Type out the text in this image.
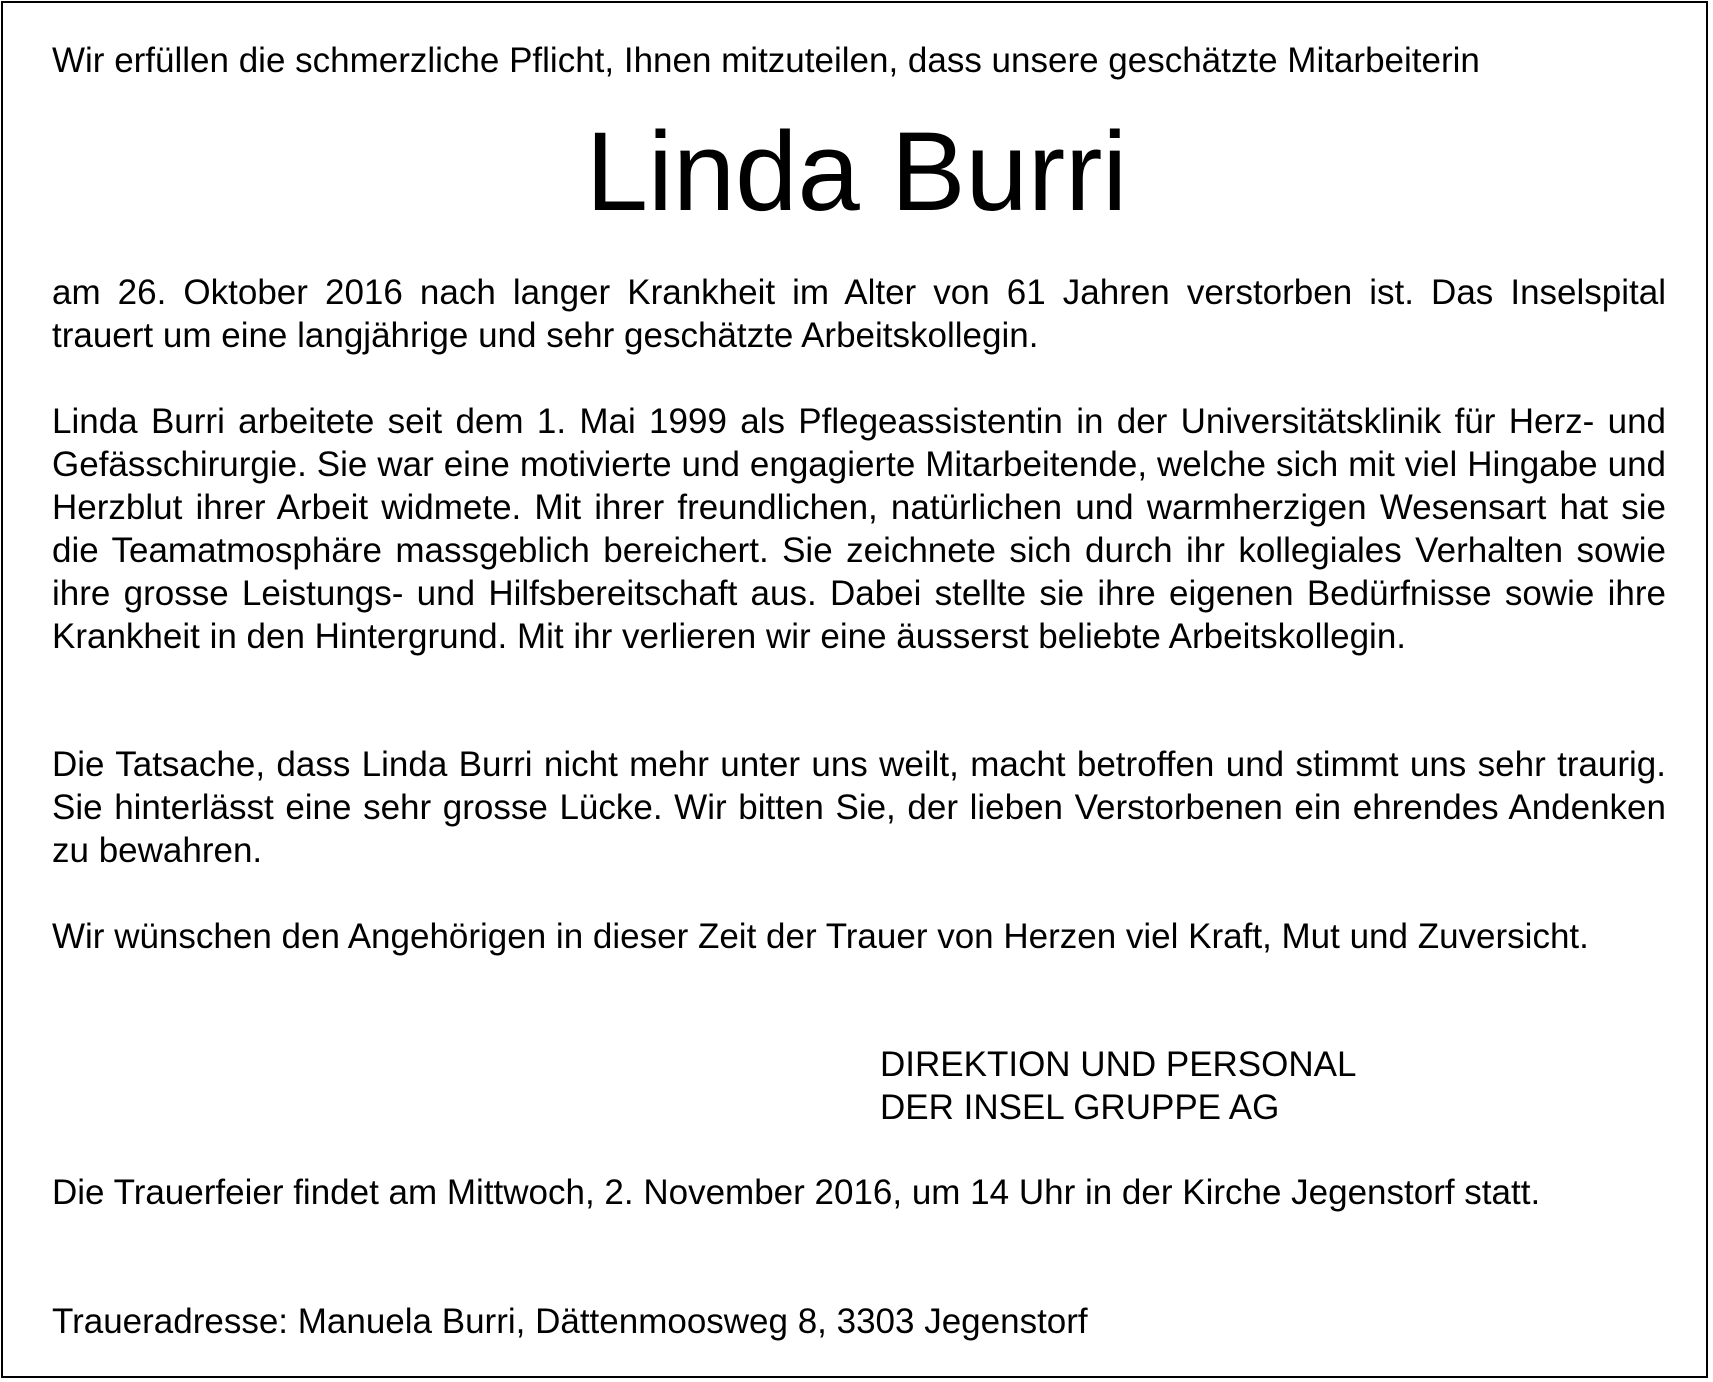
Wir erfüllen die schmerzliche Pflicht, Ihnen mitzuteilen, dass unsere geschätzte Mitarbeiterin

Linda Burri

am 26. Oktober 2016 nach langer Krankheit im Alter von 61 Jahren verstorben ist. Das Inselspital trauert um eine langjährige und sehr geschätzte Arbeitskollegin.

Linda Burri arbeitete seit dem 1. Mai 1999 als Pflegeassistentin in der Universitätsklinik für Herz- und Gefässchirurgie. Sie war eine motivierte und engagierte Mitarbeitende, welche sich mit viel Hingabe und Herzblut ihrer Arbeit widmete. Mit ihrer freundlichen, natürlichen und warmherzigen Wesensart hat sie die Teamatmosphäre massgeblich bereichert. Sie zeichnete sich durch ihr kollegiales Verhalten sowie ihre grosse Leistungs- und Hilfsbereitschaft aus. Dabei stellte sie ihre eigenen Bedürfnisse sowie ihre Krankheit in den Hintergrund. Mit ihr verlieren wir eine äusserst beliebte Arbeitskollegin.

Die Tatsache, dass Linda Burri nicht mehr unter uns weilt, macht betroffen und stimmt uns sehr traurig. Sie hinterlässt eine sehr grosse Lücke. Wir bitten Sie, der lieben Verstorbenen ein ehrendes Andenken zu bewahren.

Wir wünschen den Angehörigen in dieser Zeit der Trauer von Herzen viel Kraft, Mut und Zuversicht.

DIREKTION UND PERSONAL

DER INSEL GRUPPE AG

Die Trauerfeier findet am Mittwoch, 2. November 2016, um 14 Uhr in der Kirche Jegenstorf statt.

Traueradresse: Manuela Burri, Dättenmoosweg 8, 3303 Jegenstorf
